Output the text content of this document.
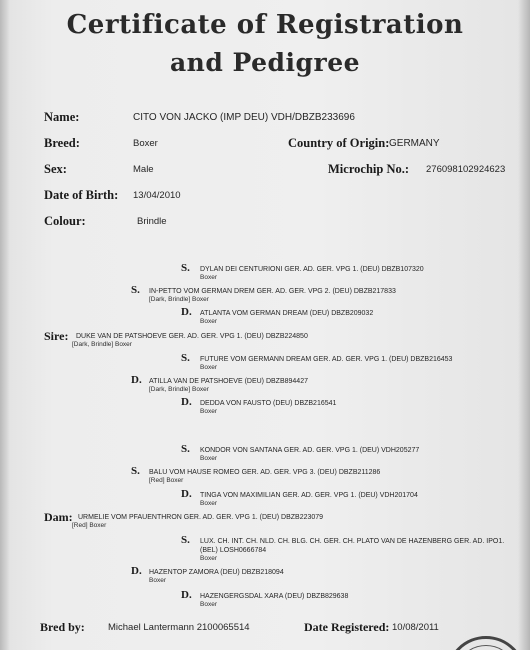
Certificate of Registration
and Pedigree
Name:	CITO VON JACKO (IMP DEU) VDH/DBZB233696
Breed:	Boxer	Country of Origin: GERMANY
Sex:	Male	Microchip No.: 276098102924623
Date of Birth: 13/04/2010
Colour:	Brindle
S. DYLAN DEI CENTURIONI GER. AD. GER. VPG 1. (DEU) DBZB107320
Boxer
S. IN-PETTO VOM GERMAN DREM GER. AD. GER. VPG 2. (DEU) DBZB217833
[Dark, Brindle] Boxer
D. ATLANTA VOM GERMAN DREAM (DEU) DBZB209032
Boxer
Sire: DUKE VAN DE PATSHOEVE GER. AD. GER. VPG 1. (DEU) DBZB224850
[Dark, Brindle] Boxer
S. FUTURE VOM GERMANN DREAM GER. AD. GER. VPG 1. (DEU) DBZB216453
Boxer
D. ATILLA VAN DE PATSHOEVE (DEU) DBZB894427
[Dark, Brindle] Boxer
D. DEDDA VON FAUSTO (DEU) DBZB216541
Boxer
S. KONDOR VON SANTANA GER. AD. GER. VPG 1. (DEU) VDH205277
Boxer
S. BALU VOM HAUSE ROMEO GER. AD. GER. VPG 3. (DEU) DBZB211286
[Red] Boxer
D. TINGA VON MAXIMILIAN GER. AD. GER. VPG 1. (DEU) VDH201704
Boxer
Dam: URMELIE VOM PFAUENTHRON GER. AD. GER. VPG 1. (DEU) DBZB223079
[Red] Boxer
S. LUX. CH. INT. CH. NLD. CH. BLG. CH. GER. CH. PLATO VAN DE HAZENBERG GER. AD. IPO1. (BEL) LOSH0666784
Boxer
D. HAZENTOP ZAMORA (DEU) DBZB218094
Boxer
D. HAZENGERGSDAL XARA (DEU) DBZB829638
Boxer
Bred by: Michael Lantermann 2100065514	Date Registered: 10/08/2011
